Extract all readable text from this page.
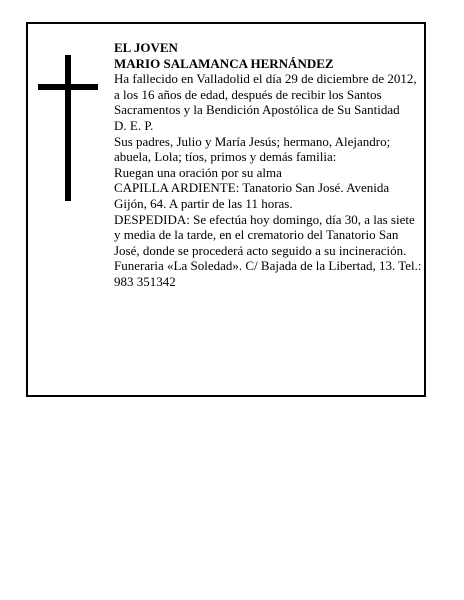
EL JOVEN

MARIO SALAMANCA HERNÁNDEZ

Ha fallecido en Valladolid el día 29 de diciembre de 2012, a los 16 años de edad, después de recibir los Santos Sacramentos y la Bendición Apostólica de Su Santidad

D. E. P.

Sus padres, Julio y María Jesús; hermano, Alejandro; abuela, Lola; tíos, primos y demás familia:

Ruegan una oración por su alma

CAPILLA ARDIENTE: Tanatorio San José. Avenida Gijón, 64. A partir de las 11 horas.

DESPEDIDA: Se efectúa hoy domingo, día 30, a las siete y media de la tarde, en el crematorio del Tanatorio San José, donde se procederá acto seguido a su incineración.

Funeraria «La Soledad». C/ Bajada de la Libertad, 13. Tel.: 983 351342
